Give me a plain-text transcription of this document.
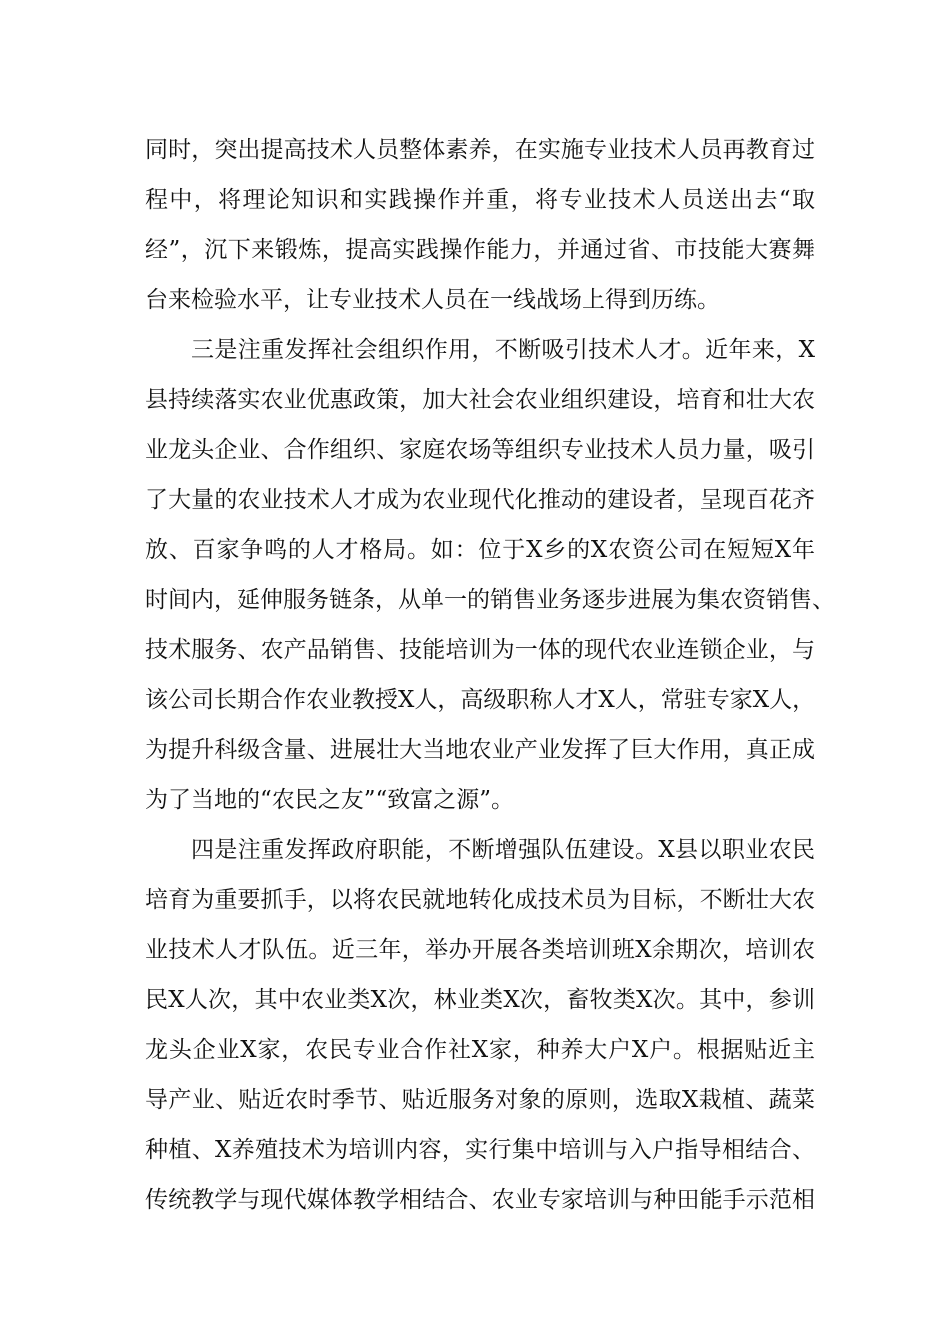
同时，突出提高技术人员整体素养，在实施专业技术人员再教育过
程中，将理论知识和实践操作并重，将专业技术人员送出去“取
经”，沉下来锻炼，提高实践操作能力，并通过省、市技能大赛舞
台来检验水平，让专业技术人员在一线战场上得到历练。
三是注重发挥社会组织作用，不断吸引技术人才。近年来，X
县持续落实农业优惠政策，加大社会农业组织建设，培育和壮大农
业龙头企业、合作组织、家庭农场等组织专业技术人员力量，吸引
了大量的农业技术人才成为农业现代化推动的建设者，呈现百花齐
放、百家争鸣的人才格局。如：位于X乡的X农资公司在短短X年
时间内，延伸服务链条，从单一的销售业务逐步进展为集农资销售、
技术服务、农产品销售、技能培训为一体的现代农业连锁企业，与
该公司长期合作农业教授X人，高级职称人才X人，常驻专家X人，
为提升科级含量、进展壮大当地农业产业发挥了巨大作用，真正成
为了当地的“农民之友”“致富之源”。
四是注重发挥政府职能，不断增强队伍建设。X县以职业农民
培育为重要抓手，以将农民就地转化成技术员为目标，不断壮大农
业技术人才队伍。近三年，举办开展各类培训班X余期次，培训农
民X人次，其中农业类X次，林业类X次，畜牧类X次。其中，参训
龙头企业X家，农民专业合作社X家，种养大户X户。根据贴近主
导产业、贴近农时季节、贴近服务对象的原则，选取X栽植、蔬菜
种植、X养殖技术为培训内容，实行集中培训与入户指导相结合、
传统教学与现代媒体教学相结合、农业专家培训与种田能手示范相
